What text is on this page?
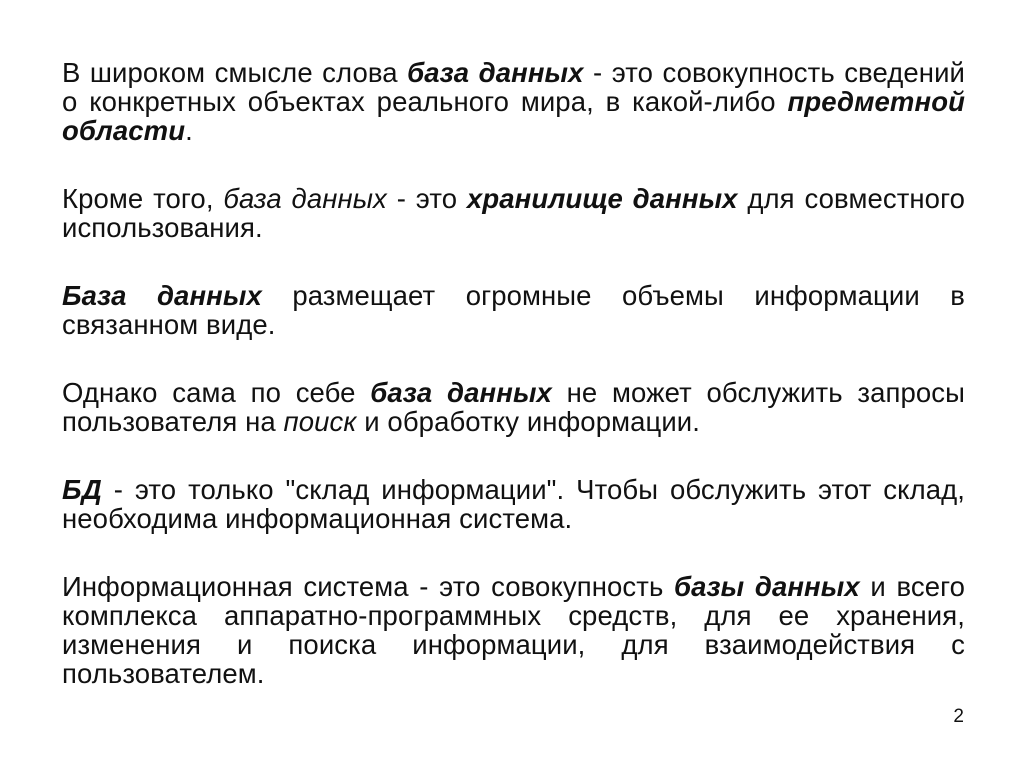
В широком смысле слова база данных - это совокупность сведений о конкретных объектах реального мира, в какой-либо предметной области.

Кроме того, база данных - это хранилище данных для совместного использования.

База данных размещает огромные объемы информации в связанном виде.

Однако сама по себе база данных не может обслужить запросы пользователя на поиск и обработку информации.

БД - это только "склад информации". Чтобы обслужить этот склад, необходима информационная система.

Информационная система - это совокупность базы данных и всего комплекса аппаратно-программных средств, для ее хранения, изменения и поиска информации, для взаимодействия с пользователем.

2
